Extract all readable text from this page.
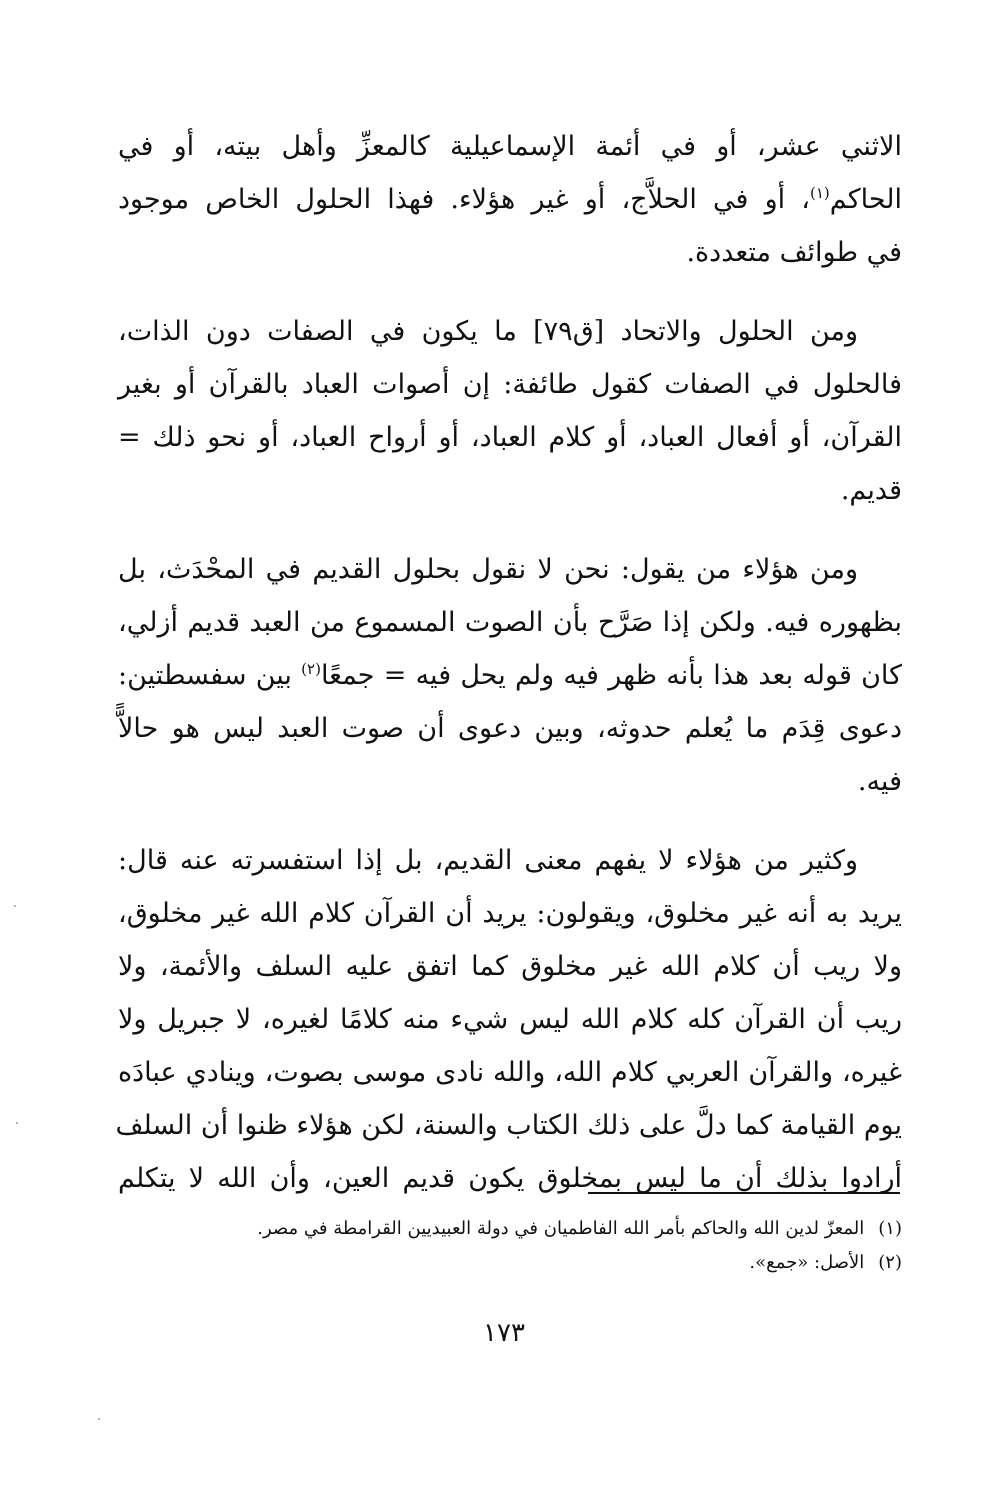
الاثني عشر، أو في أئمة الإسماعيلية كالمعزِّ وأهل بيته، أو في
الحاكم$^{(١)}$، أو في الحلاَّج، أو غير هؤلاء. فهذا الحلول الخاص موجود
في طوائف متعددة.

ومن الحلول والاتحاد [ق٧٩] ما يكون في الصفات دون الذات،
فالحلول في الصفات كقول طائفة: إن أصوات العباد بالقرآن أو بغير
القرآن، أو أفعال العباد، أو كلام العباد، أو أرواح العباد، أو نحو ذلك =
قديم.

ومن هؤلاء من يقول: نحن لا نقول بحلول القديم في المحْدَث، بل
بظهوره فيه. ولكن إذا صَرَّح بأن الصوت المسموع من العبد قديم أزلي،
كان قوله بعد هذا بأنه ظهر فيه ولم يحل فيه = جمعًا$^{(٢)}$ بين سفسطتين:
دعوى قِدَم ما يُعلم حدوثه، وبين دعوى أن صوت العبد ليس هو حالاًّ
فيه.

وكثير من هؤلاء لا يفهم معنى القديم، بل إذا استفسرته عنه قال:
يريد به أنه غير مخلوق، ويقولون: يريد أن القرآن كلام الله غير مخلوق،
ولا ريب أن كلام الله غير مخلوق كما اتفق عليه السلف والأئمة، ولا
ريب أن القرآن كله كلام الله ليس شيء منه كلامًا لغيره، لا جبريل ولا
غيره، والقرآن العربي كلام الله، والله نادى موسى بصوت، وينادي عبادَه
يوم القيامة كما دلَّ على ذلك الكتاب والسنة، لكن هؤلاء ظنوا أن السلف
أرادوا بذلك أن ما ليس بمخلوق يكون قديم العين، وأن الله لا يتكلم

(١)المعزّ لدين الله والحاكم بأمر الله الفاطميان في دولة العبيديين القرامطة في مصر.
(٢)الأصل: «جمع».
١٧٣
